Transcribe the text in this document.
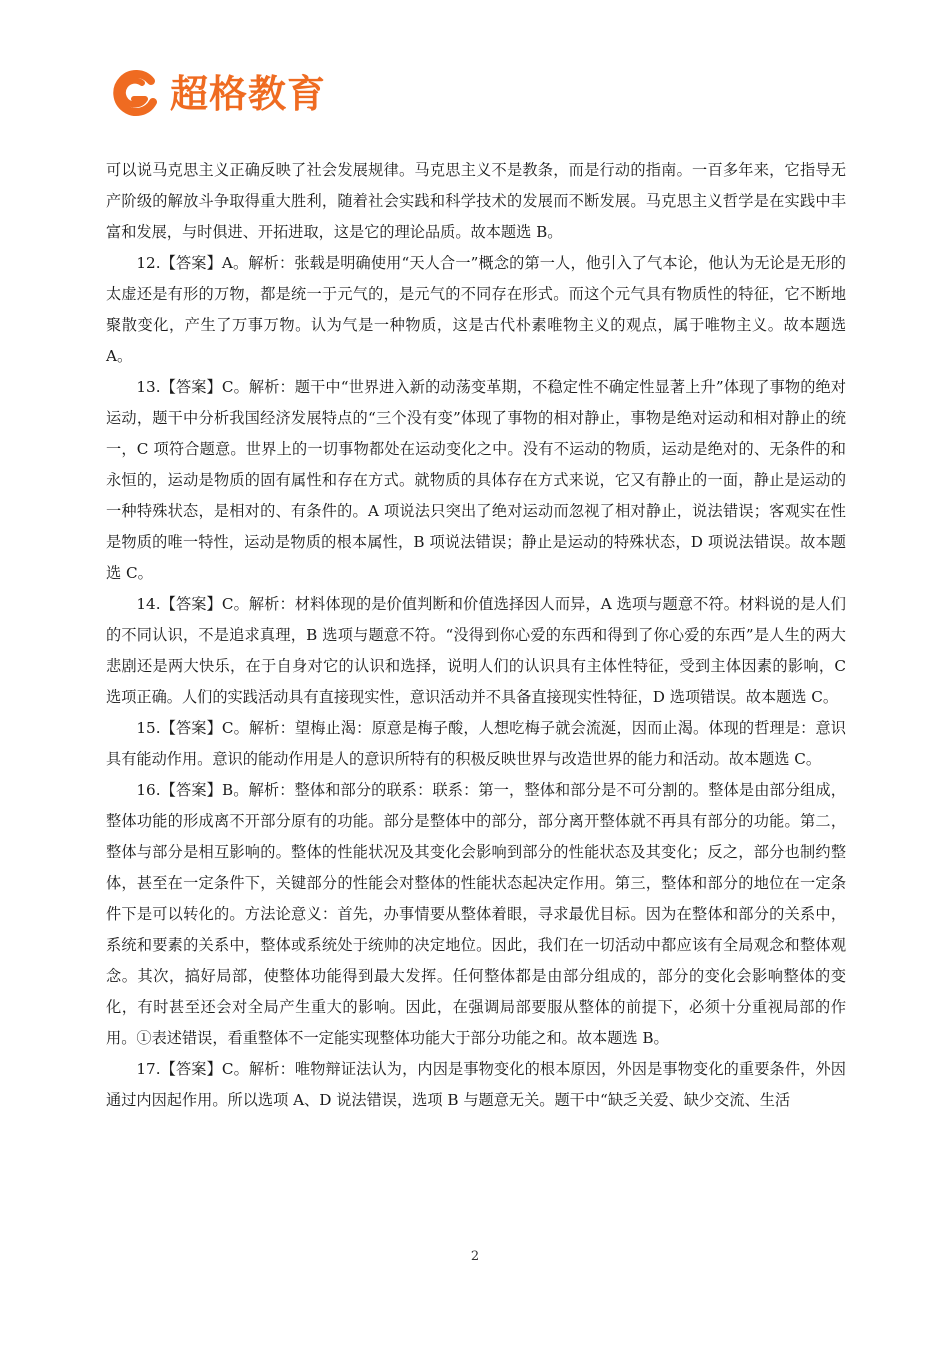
超格教育

可以说马克思主义正确反映了社会发展规律。马克思主义不是教条，而是行动的指南。一百多年来，它指导无产阶级的解放斗争取得重大胜利，随着社会实践和科学技术的发展而不断发展。马克思主义哲学是在实践中丰富和发展，与时俱进、开拓进取，这是它的理论品质。故本题选 B。

12.【答案】A。解析：张载是明确使用“天人合一”概念的第一人，他引入了气本论，他认为无论是无形的太虚还是有形的万物，都是统一于元气的，是元气的不同存在形式。而这个元气具有物质性的特征，它不断地聚散变化，产生了万事万物。认为气是一种物质，这是古代朴素唯物主义的观点，属于唯物主义。故本题选 A。

13.【答案】C。解析：题干中“世界进入新的动荡变革期，不稳定性不确定性显著上升”体现了事物的绝对运动，题干中分析我国经济发展特点的“三个没有变”体现了事物的相对静止，事物是绝对运动和相对静止的统一，C 项符合题意。世界上的一切事物都处在运动变化之中。没有不运动的物质，运动是绝对的、无条件的和永恒的，运动是物质的固有属性和存在方式。就物质的具体存在方式来说，它又有静止的一面，静止是运动的一种特殊状态，是相对的、有条件的。A 项说法只突出了绝对运动而忽视了相对静止，说法错误；客观实在性是物质的唯一特性，运动是物质的根本属性，B 项说法错误；静止是运动的特殊状态，D 项说法错误。故本题选 C。

14.【答案】C。解析：材料体现的是价值判断和价值选择因人而异，A 选项与题意不符。材料说的是人们的不同认识，不是追求真理，B 选项与题意不符。“没得到你心爱的东西和得到了你心爱的东西”是人生的两大悲剧还是两大快乐，在于自身对它的认识和选择，说明人们的认识具有主体性特征，受到主体因素的影响，C 选项正确。人们的实践活动具有直接现实性，意识活动并不具备直接现实性特征，D 选项错误。故本题选 C。

15.【答案】C。解析：望梅止渴：原意是梅子酸，人想吃梅子就会流涎，因而止渴。体现的哲理是：意识具有能动作用。意识的能动作用是人的意识所特有的积极反映世界与改造世界的能力和活动。故本题选 C。

16.【答案】B。解析：整体和部分的联系：联系：第一，整体和部分是不可分割的。整体是由部分组成，整体功能的形成离不开部分原有的功能。部分是整体中的部分，部分离开整体就不再具有部分的功能。第二，整体与部分是相互影响的。整体的性能状况及其变化会影响到部分的性能状态及其变化；反之，部分也制约整体，甚至在一定条件下，关键部分的性能会对整体的性能状态起决定作用。第三，整体和部分的地位在一定条件下是可以转化的。方法论意义：首先，办事情要从整体着眼，寻求最优目标。因为在整体和部分的关系中，系统和要素的关系中，整体或系统处于统帅的决定地位。因此，我们在一切活动中都应该有全局观念和整体观念。其次，搞好局部，使整体功能得到最大发挥。任何整体都是由部分组成的，部分的变化会影响整体的变化，有时甚至还会对全局产生重大的影响。因此，在强调局部要服从整体的前提下，必须十分重视局部的作用。①表述错误，看重整体不一定能实现整体功能大于部分功能之和。故本题选 B。

17.【答案】C。解析：唯物辩证法认为，内因是事物变化的根本原因，外因是事物变化的重要条件，外因通过内因起作用。所以选项 A、D 说法错误，选项 B 与题意无关。题干中“缺乏关爱、缺少交流、生活

2
